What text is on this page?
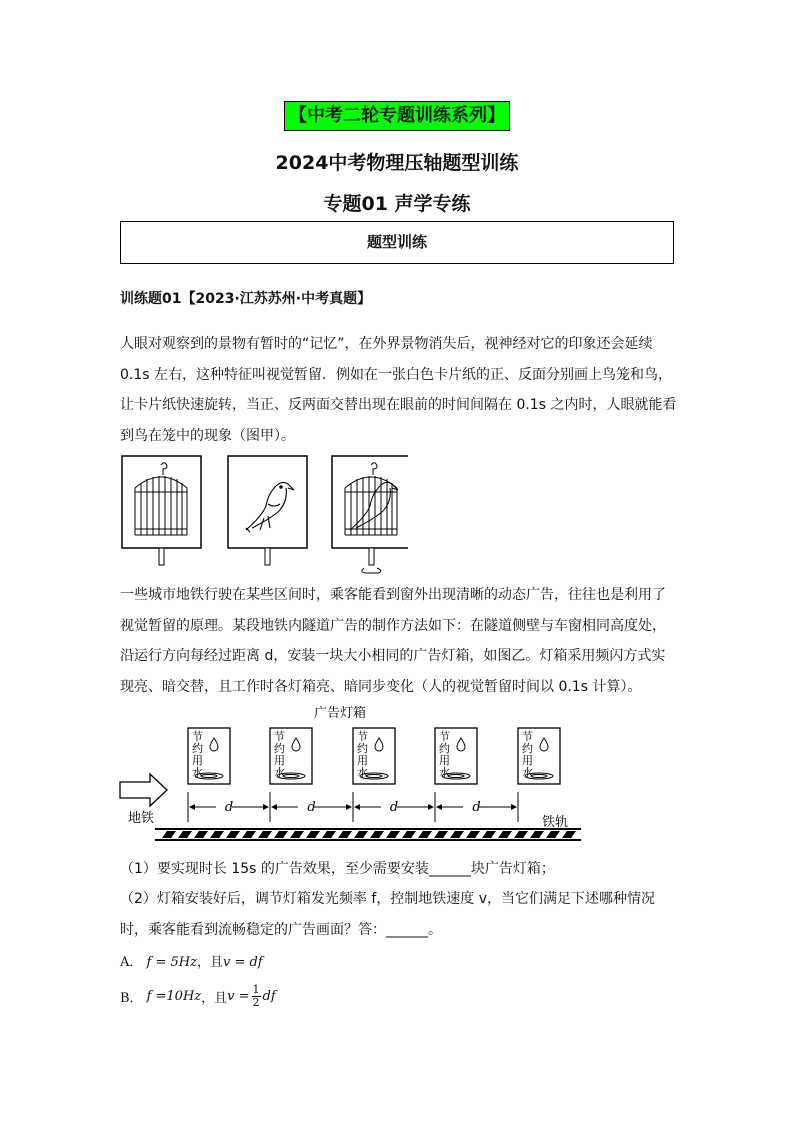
【中考二轮专题训练系列】
2024中考物理压轴题型训练
专题01 声学专练
题型训练
训练题01【2023·江苏苏州·中考真题】

人眼对观察到的景物有暂时的“记忆”，在外界景物消失后，视神经对它的印象还会延续

0.1s 左右，这种特征叫视觉暂留．例如在一张白色卡片纸的正、反面分别画上鸟笼和鸟，

让卡片纸快速旋转，当正、反两面交替出现在眼前的时间间隔在 0.1s 之内时，人眼就能看

到鸟在笼中的现象（图甲）。

一些城市地铁行驶在某些区间时，乘客能看到窗外出现清晰的动态广告，往往也是利用了

视觉暂留的原理。某段地铁内隧道广告的制作方法如下：在隧道侧壁与车窗相同高度处，

沿运行方向每经过距离 d，安装一块大小相同的广告灯箱，如图乙。灯箱采用频闪方式实

现亮、暗交替，且工作时各灯箱亮、暗同步变化（人的视觉暂留时间以 0.1s 计算）。

广告灯箱
节
约
用
水
d
节
约
用
水
d
节
约
用
水
d
节
约
用
水
d
节
约
用
水
地铁	铁轨
（1）要实现时长 15s 的广告效果，至少需要安装______块广告灯箱；
（2）灯箱安装好后，调节灯箱发光频率 f，控制地铁速度 v，当它们满足下述哪种情况
时，乘客能看到流畅稳定的广告画面？答：______。
A． f = 5Hz，且v = df
B． f =10Hz ，且 $v = \frac{1}{2}$ df
